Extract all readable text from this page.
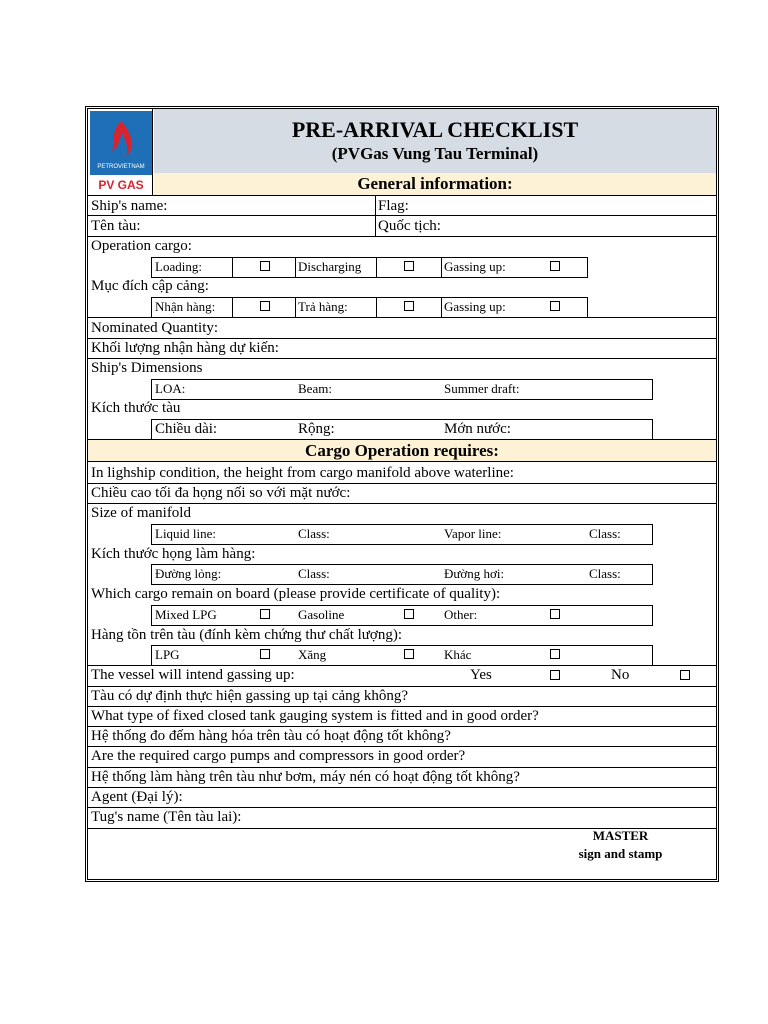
PETROVIETNAM
PV GAS
PRE-ARRIVAL CHECKLIST
(PVGas Vung Tau Terminal)
General information:
Ship's name:	Flag:
Tên tàu:	Quốc tịch:
Operation cargo:
Loading:	Discharging	Gassing up:
Mục đích cập cảng:
Nhận hàng:	Trả hàng:	Gassing up:
Nominated Quantity:
Khối lượng nhận hàng dự kiến:
Ship's Dimensions
LOA:	Beam:	Summer draft:
Kích thước tàu
Chiều dài:	Rộng:	Mớn nước:
Cargo Operation requires:
In lighship condition, the height from cargo manifold above waterline:
Chiều cao tối đa họng nối so với mặt nước:
Size of manifold
Liquid line:	Class:	Vapor line:	Class:
Kích thước họng làm hàng:
Đường lỏng:	Class:	Đường hơi:	Class:
Which cargo remain on board (please provide certificate of quality):
Mixed LPG	Gasoline	Other:
Hàng tồn trên tàu (đính kèm chứng thư chất lượng):
LPG	Xăng	Khác
The vessel will intend gassing up:	Yes	No
Tàu có dự định thực hiện gassing up tại cảng không?
What type of fixed closed tank gauging system is fitted and in good order?
Hệ thống đo đếm hàng hóa trên tàu có hoạt động tốt không?
Are the required cargo pumps and compressors in good order?
Hệ thống làm hàng trên tàu như bơm, máy nén có hoạt động tốt không?
Agent (Đại lý):
Tug's name (Tên tàu lai):
MASTER
sign and stamp
